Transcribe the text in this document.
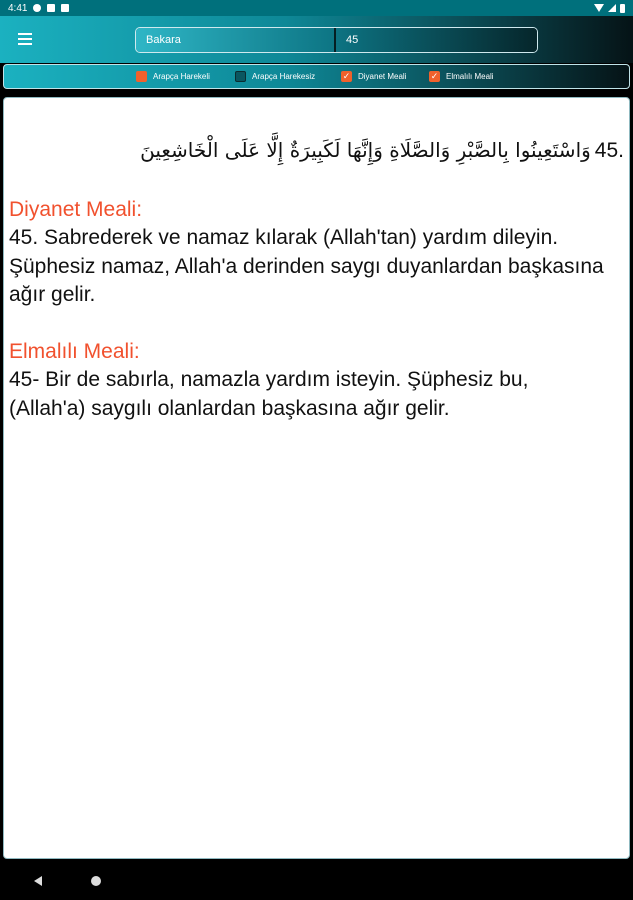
4:41
Bakara	45
Arapça Harekeli	Arapça Harekesiz	✓ Diyanet Meali	✓ Elmalılı Meali
وَاسْتَعِينُوا بِالصَّبْرِ وَالصَّلَاةِ وَإِنَّهَا لَكَبِيرَةٌ إِلَّا عَلَى الْخَاشِعِينَ 45.
Diyanet Meali:
45. Sabrederek ve namaz kılarak (Allah'tan) yardım dileyin. Şüphesiz namaz, Allah'a derinden saygı duyanlardan başkasına ağır gelir.
Elmalılı Meali:
45- Bir de sabırla, namazla yardım isteyin. Şüphesiz bu, (Allah'a) saygılı olanlardan başkasına ağır gelir.
